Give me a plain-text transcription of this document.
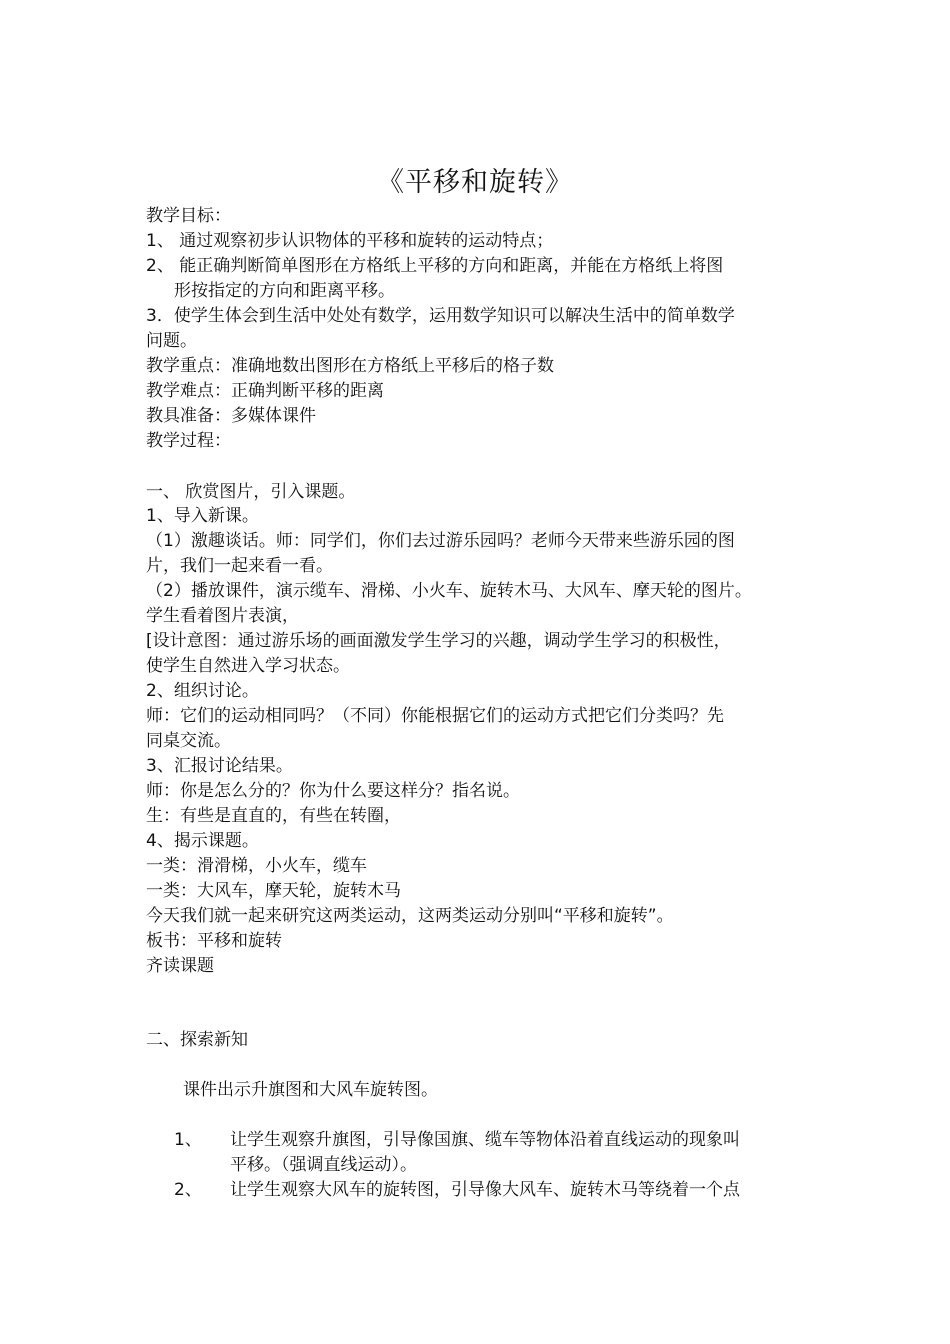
《平移和旋转》
教学目标：
1、 通过观察初步认识物体的平移和旋转的运动特点；
2、 能正确判断简单图形在方格纸上平移的方向和距离，并能在方格纸上将图
形按指定的方向和距离平移。
3．使学生体会到生活中处处有数学，运用数学知识可以解决生活中的简单数学
问题。
教学重点：准确地数出图形在方格纸上平移后的格子数
教学难点：正确判断平移的距离
教具准备：多媒体课件
教学过程：
一、 欣赏图片，引入课题。
1、导入新课。
（1）激趣谈话。师：同学们，你们去过游乐园吗？老师今天带来些游乐园的图
片，我们一起来看一看。
（2）播放课件，演示缆车、滑梯、小火车、旋转木马、大风车、摩天轮的图片。
学生看着图片表演，
[设计意图：通过游乐场的画面激发学生学习的兴趣，调动学生学习的积极性，
使学生自然进入学习状态。
2、组织讨论。
师：它们的运动相同吗？（不同）你能根据它们的运动方式把它们分类吗？先
同桌交流。
3、汇报讨论结果。
师：你是怎么分的？你为什么要这样分？指名说。
生：有些是直直的，有些在转圈，
4、揭示课题。
一类：滑滑梯，小火车，缆车
一类：大风车，摩天轮，旋转木马
今天我们就一起来研究这两类运动，这两类运动分别叫“平移和旋转”。
板书：平移和旋转
齐读课题
二、探索新知
课件出示升旗图和大风车旋转图。
1、 让学生观察升旗图，引导像国旗、缆车等物体沿着直线运动的现象叫
平移。（强调直线运动）。
2、 让学生观察大风车的旋转图，引导像大风车、旋转木马等绕着一个点
